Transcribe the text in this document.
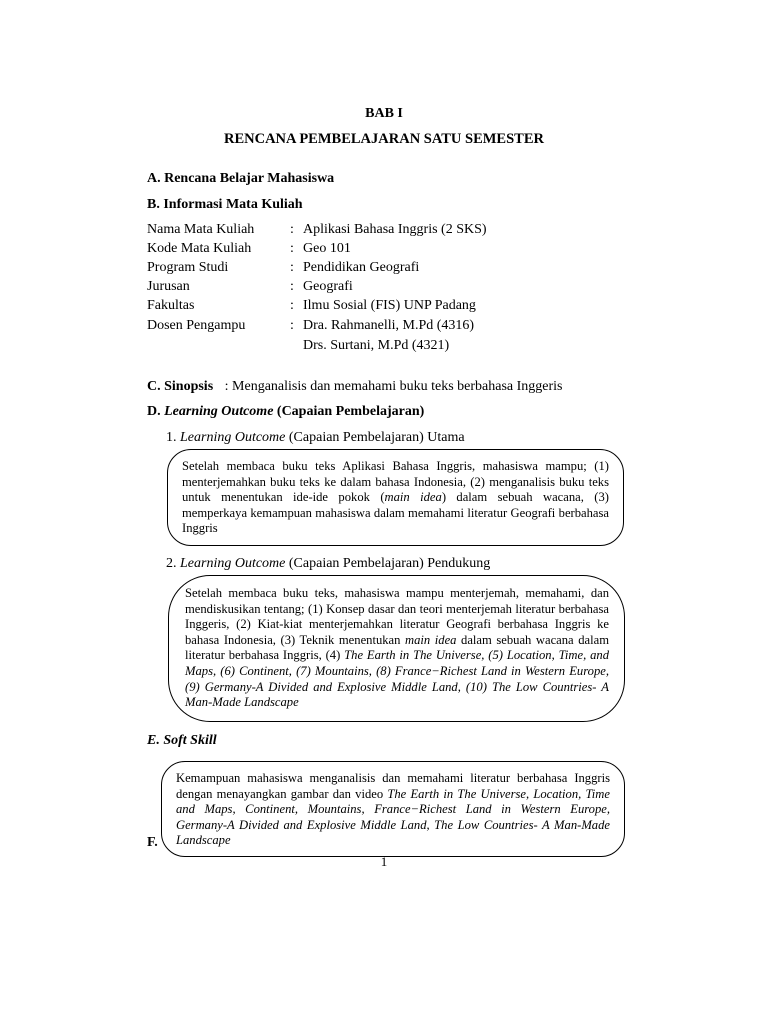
BAB I
RENCANA PEMBELAJARAN SATU SEMESTER
A. Rencana Belajar Mahasiswa
B. Informasi Mata Kuliah
Nama Mata Kuliah	: Aplikasi Bahasa Inggris (2 SKS)
Kode Mata Kuliah	: Geo 101
Program Studi	: Pendidikan Geografi
Jurusan	: Geografi
Fakultas	: Ilmu Sosial (FIS) UNP Padang
Dosen Pengampu	: Dra. Rahmanelli, M.Pd (4316)
Drs. Surtani, M.Pd (4321)
C. Sinopsis : Menganalisis dan memahami buku teks berbahasa Inggeris
D. Learning Outcome (Capaian Pembelajaran)
1. Learning Outcome (Capaian Pembelajaran) Utama

Setelah membaca buku teks Aplikasi Bahasa Inggris, mahasiswa mampu; (1) menterjemahkan buku teks ke dalam bahasa Indonesia, (2) menganalisis buku teks untuk menentukan ide-ide pokok (main idea) dalam sebuah wacana, (3) memperkaya kemampuan mahasiswa dalam memahami literatur Geografi berbahasa Inggris

2. Learning Outcome (Capaian Pembelajaran) Pendukung

Setelah membaca buku teks, mahasiswa mampu menterjemah, memahami, dan mendiskusikan tentang; (1) Konsep dasar dan teori menterjemah literatur berbahasa Inggeris, (2) Kiat-kiat menterjemahkan literatur Geografi berbahasa Inggris ke bahasa Indonesia, (3) Teknik menentukan main idea dalam sebuah wacana dalam literatur berbahasa Inggris, (4) The Earth in The Universe, (5) Location, Time, and Maps, (6) Continent, (7) Mountains, (8) France−Richest Land in Western Europe, (9) Germany-A Divided and Explosive Middle Land, (10) The Low Countries- A Man-Made Landscape

E. Soft Skill

Kemampuan mahasiswa menganalisis dan memahami literatur berbahasa Inggris dengan menayangkan gambar dan video The Earth in The Universe, Location, Time and Maps, Continent, Mountains, France−Richest Land in Western Europe, Germany-A Divided and Explosive Middle Land, The Low Countries- A Man-Made Landscape

F.
1
